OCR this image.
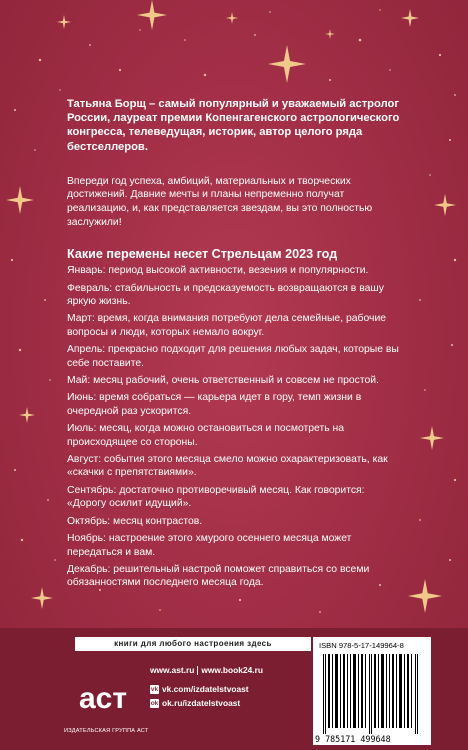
Татьяна Борщ – самый популярный и уважаемый астролог России, лауреат премии Копенгагенского астрологического конгресса, телеведущая, историк, автор целого ряда бестселлеров.

Впереди год успеха, амбиций, материальных и творческих достижений. Давние мечты и планы непременно получат реализацию, и, как представляется звездам, вы это полностью заслужили!

Какие перемены несет Стрельцам 2023 год
Январь: период высокой активности, везения и популярности.
Февраль: стабильность и предсказуемость возвращаются в вашу яркую жизнь.
Март: время, когда внимания потребуют дела семейные, рабочие вопросы и люди, которых немало вокруг.
Апрель: прекрасно подходит для решения любых задач, которые вы себе поставите.
Май: месяц рабочий, очень ответственный и совсем не простой.
Июнь: время собраться — карьера идет в гору, темп жизни в очередной раз ускорится.
Июль: месяц, когда можно остановиться и посмотреть на происходящее со стороны.
Август: события этого месяца смело можно охарактеризовать, как «скачки с препятствиями».
Сентябрь: достаточно противоречивый месяц. Как говорится: «Дорогу осилит идущий».
Октябрь: месяц контрастов.
Ноябрь: настроение этого хмурого осеннего месяца может передаться и вам.
Декабрь: решительный настрой поможет справиться со всеми обязанностями последнего месяца года.
книги для любого настроения здесь
аст
ИЗДАТЕЛЬСКАЯ ГРУППА АСТ
www.ast.ru www.book24.ru
vk vk.com/izdatelstvoast
ok ok.ru/izdatelstvoast
ISBN 978-5-17-149964-8
9 785171 499648
